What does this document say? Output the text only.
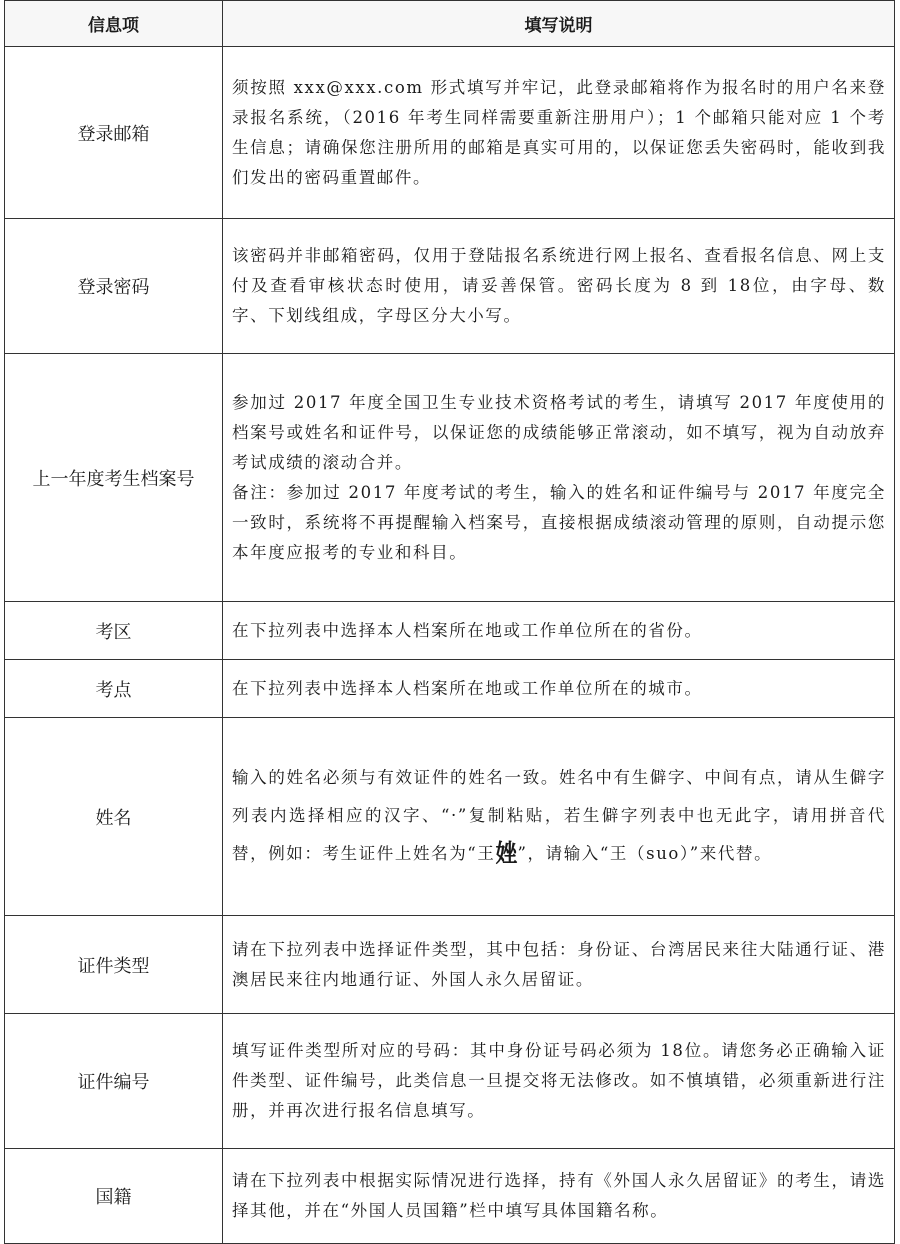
信息项	填写说明
登录邮箱	须按照 xxx@xxx.com 形式填写并牢记，此登录邮箱将作为报名时的用户名来登录报名系统，（2016 年考生同样需要重新注册用户）；1 个邮箱只能对应 1 个考生信息；请确保您注册所用的邮箱是真实可用的，以保证您丢失密码时，能收到我们发出的密码重置邮件。

登录密码	该密码并非邮箱密码，仅用于登陆报名系统进行网上报名、查看报名信息、网上支付及查看审核状态时使用，请妥善保管。密码长度为 8 到 18位，由字母、数字、下划线组成，字母区分大小写。

上一年度考生档案号	参加过 2017 年度全国卫生专业技术资格考试的考生，请填写 2017 年度使用的档案号或姓名和证件号，以保证您的成绩能够正常滚动，如不填写，视为自动放弃考试成绩的滚动合并。

备注：参加过 2017 年度考试的考生，输入的姓名和证件编号与 2017 年度完全一致时，系统将不再提醒输入档案号，直接根据成绩滚动管理的原则，自动提示您本年度应报考的专业和科目。

考区	在下拉列表中选择本人档案所在地或工作单位所在的省份。

考点	在下拉列表中选择本人档案所在地或工作单位所在的城市。

姓名	输入的姓名必须与有效证件的姓名一致。姓名中有生僻字、中间有点，请从生僻字列表内选择相应的汉字、“·”复制粘贴，若生僻字列表中也无此字，请用拼音代替，例如：考生证件上姓名为“王㛗”，请输入“王（suo）”来代替。

证件类型	请在下拉列表中选择证件类型，其中包括：身份证、台湾居民来往大陆通行证、港澳居民来往内地通行证、外国人永久居留证。

证件编号	填写证件类型所对应的号码：其中身份证号码必须为 18位。请您务必正确输入证件类型、证件编号，此类信息一旦提交将无法修改。如不慎填错，必须重新进行注册，并再次进行报名信息填写。

国籍	请在下拉列表中根据实际情况进行选择，持有《外国人永久居留证》的考生，请选择其他，并在“外国人员国籍”栏中填写具体国籍名称。
